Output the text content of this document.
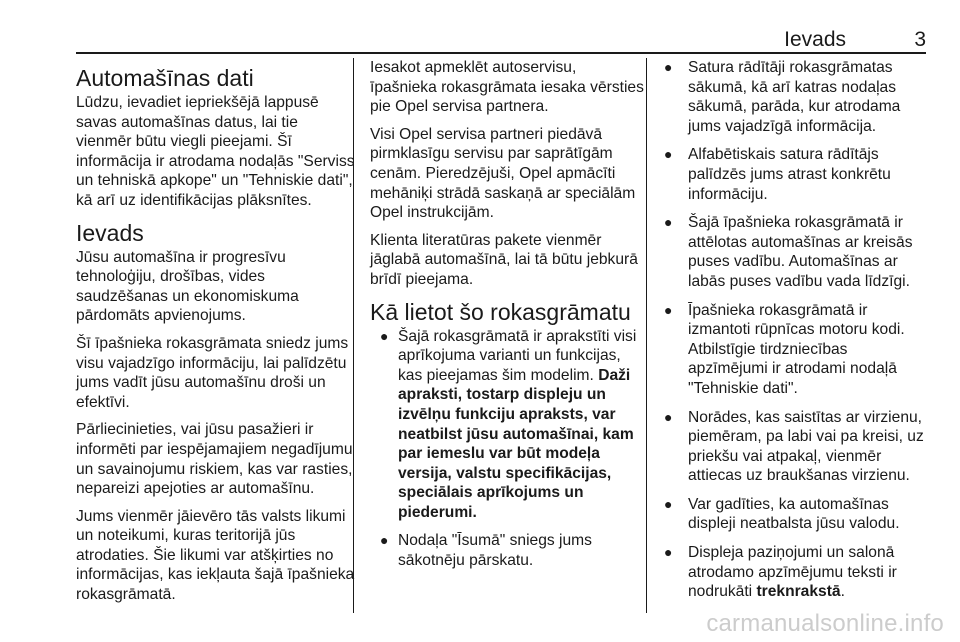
Ievads	3
Automašīnas dati

Lūdzu, ievadiet iepriekšējā lappusē savas automašīnas datus, lai tie vienmēr būtu viegli pieejami. Šī informācija ir atrodama nodaļās "Serviss un tehniskā apkope" un "Tehniskie dati", kā arī uz identifikācijas plāksnītes.

Ievads

Jūsu automašīna ir progresīvu tehnoloģiju, drošības, vides saudzēšanas un ekonomiskuma pārdomāts apvienojums.

Šī īpašnieka rokasgrāmata sniedz jums visu vajadzīgo informāciju, lai palīdzētu jums vadīt jūsu automašīnu droši un efektīvi.

Pārliecinieties, vai jūsu pasažieri ir informēti par iespējamajiem negadījumu un savainojumu riskiem, kas var rasties, nepareizi apejoties ar automašīnu.

Jums vienmēr jāievēro tās valsts likumi un noteikumi, kuras teritorijā jūs atrodaties. Šie likumi var atšķirties no informācijas, kas iekļauta šajā īpašnieka rokasgrāmatā.

Iesakot apmeklēt autoservisu, īpašnieka rokasgrāmata iesaka vērsties pie Opel servisa partnera.

Visi Opel servisa partneri piedāvā pirmklasīgu servisu par saprātīgām cenām. Pieredzējuši, Opel apmācīti mehāniķi strādā saskaņā ar speciālām Opel instrukcijām.

Klienta literatūras pakete vienmēr jāglabā automašīnā, lai tā būtu jebkurā brīdī pieejama.

Kā lietot šo rokasgrāmatu
● Šajā rokasgrāmatā ir aprakstīti visi aprīkojuma varianti un funkcijas, kas pieejamas šim modelim. Daži apraksti, tostarp displeju un izvēlņu funkciju apraksts, var neatbilst jūsu automašīnai, kam par iemeslu var būt modeļa versija, valstu specifikācijas, speciālais aprīkojums un piederumi.
● Nodaļa "Īsumā" sniegs jums sākotnēju pārskatu.
● Satura rādītāji rokasgrāmatas sākumā, kā arī katras nodaļas sākumā, parāda, kur atrodama jums vajadzīgā informācija.
● Alfabētiskais satura rādītājs palīdzēs jums atrast konkrētu informāciju.
● Šajā īpašnieka rokasgrāmatā ir attēlotas automašīnas ar kreisās puses vadību. Automašīnas ar labās puses vadību vada līdzīgi.
● Īpašnieka rokasgrāmatā ir izmantoti rūpnīcas motoru kodi. Atbilstīgie tirdzniecības apzīmējumi ir atrodami nodaļā "Tehniskie dati".
● Norādes, kas saistītas ar virzienu, piemēram, pa labi vai pa kreisi, uz priekšu vai atpakaļ, vienmēr attiecas uz braukšanas virzienu.
● Var gadīties, ka automašīnas displeji neatbalsta jūsu valodu.
● Displeja paziņojumi un salonā atrodamo apzīmējumu teksti ir nodrukāti treknrakstā.
carmanualsonline.info
